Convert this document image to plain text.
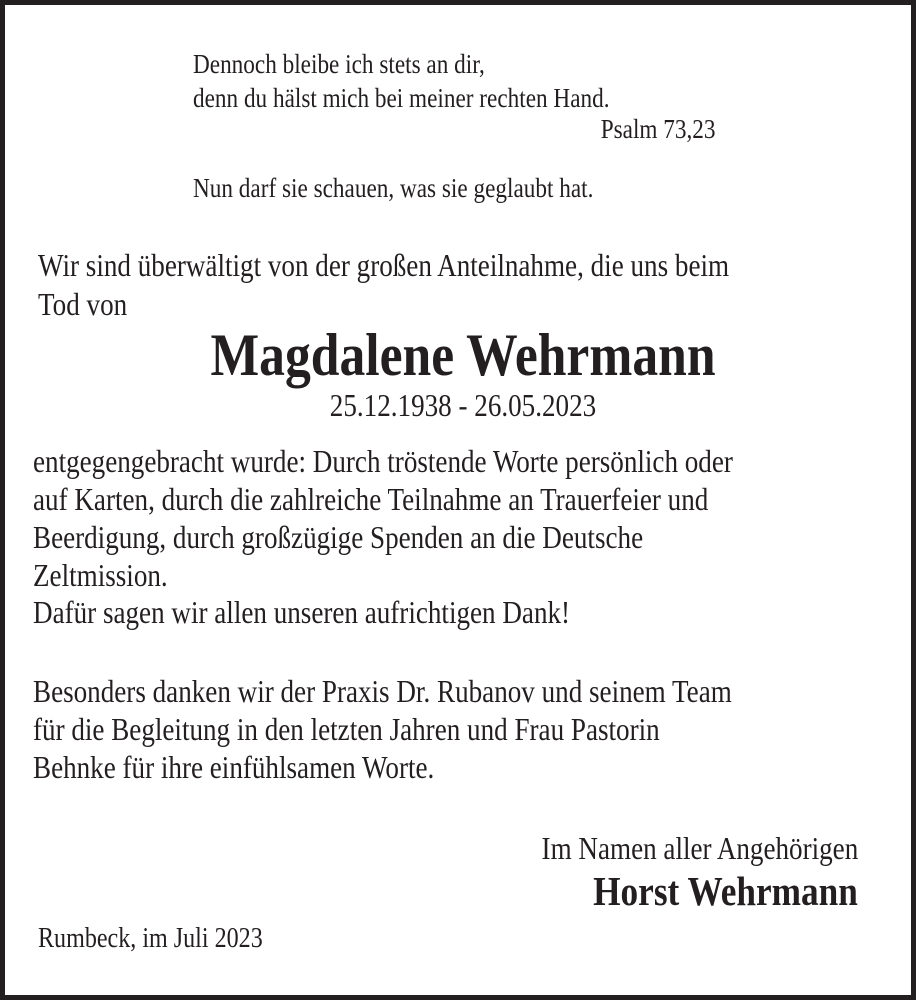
Dennoch bleibe ich stets an dir,
denn du hälst mich bei meiner rechten Hand.
Psalm 73,23
Nun darf sie schauen, was sie geglaubt hat.
Wir sind überwältigt von der großen Anteilnahme, die uns beim
Tod von
Magdalene Wehrmann
25.12.1938 - 26.05.2023
entgegengebracht wurde: Durch tröstende Worte persönlich oder
auf Karten, durch die zahlreiche Teilnahme an Trauerfeier und
Beerdigung, durch großzügige Spenden an die Deutsche
Zeltmission.
Dafür sagen wir allen unseren aufrichtigen Dank!
Besonders danken wir der Praxis Dr. Rubanov und seinem Team
für die Begleitung in den letzten Jahren und Frau Pastorin
Behnke für ihre einfühlsamen Worte.
Im Namen aller Angehörigen
Horst Wehrmann
Rumbeck, im Juli 2023
